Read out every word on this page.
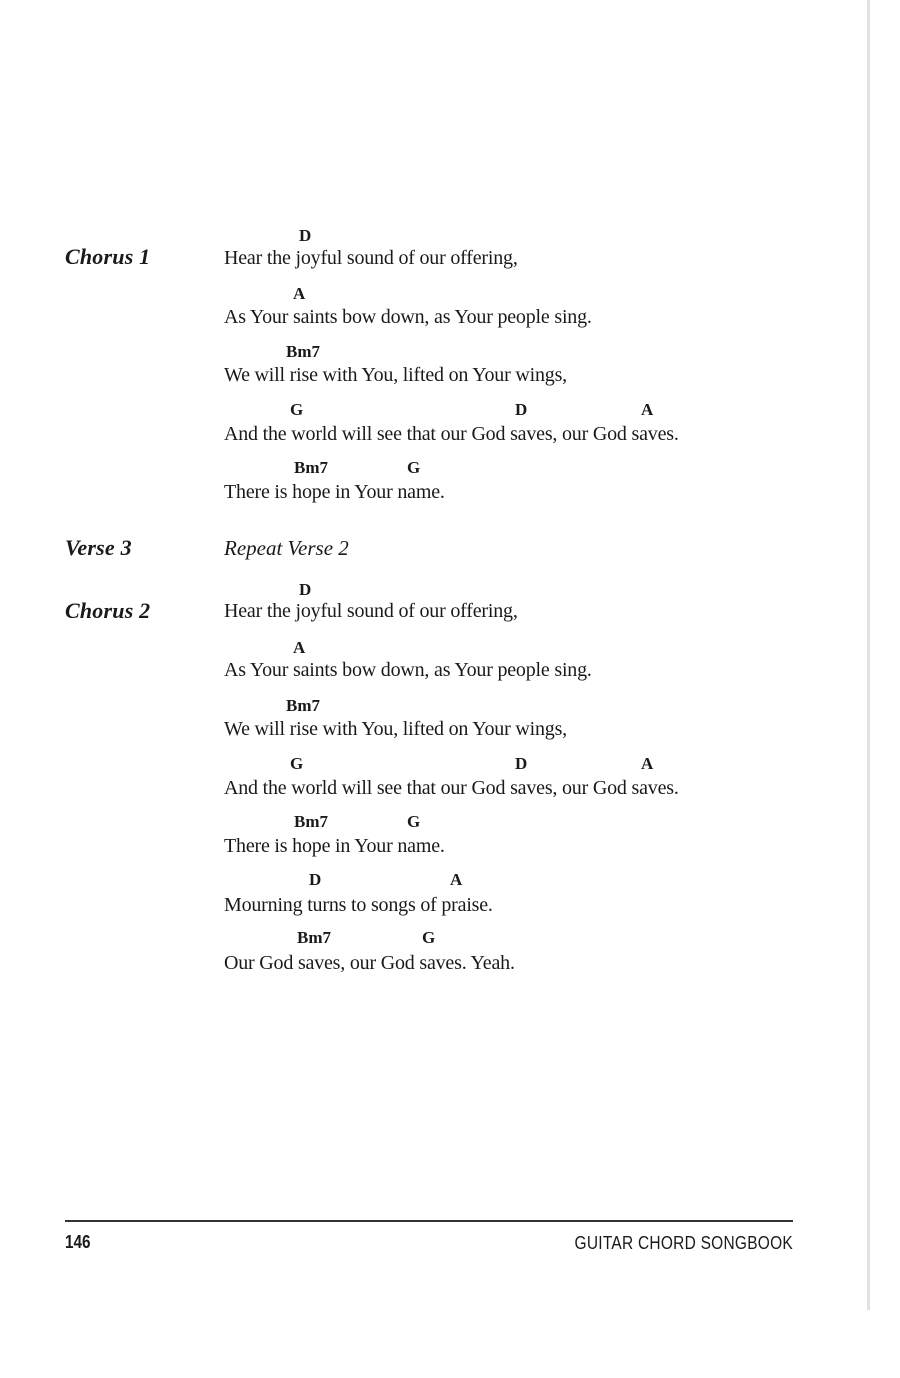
Chorus 1
D
Hear the joyful sound of our offering,
A
As Your saints bow down, as Your people sing.
Bm7
We will rise with You, lifted on Your wings,
G	D	A
And the world will see that our God saves, our God saves.
Bm7	G
There is hope in Your name.
Verse 3	Repeat Verse 2
Chorus 2
D
Hear the joyful sound of our offering,
A
As Your saints bow down, as Your people sing.
Bm7
We will rise with You, lifted on Your wings,
G	D	A
And the world will see that our God saves, our God saves.
Bm7	G
There is hope in Your name.
D	A
Mourning turns to songs of praise.
Bm7	G
Our God saves, our God saves. Yeah.
146	GUITAR CHORD SONGBOOK
